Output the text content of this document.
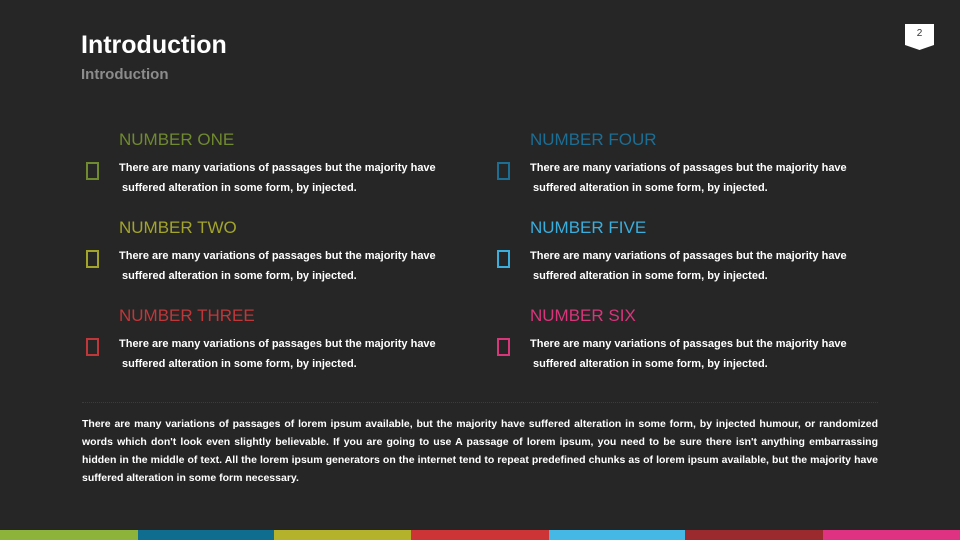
Introduction
Introduction
2
NUMBER ONE
There are many variations of passages but the majority have
suffered alteration in some form, by injected.
NUMBER TWO
There are many variations of passages but the majority have
suffered alteration in some form, by injected.
NUMBER THREE
There are many variations of passages but the majority have
suffered alteration in some form, by injected.
NUMBER FOUR
There are many variations of passages but the majority have
suffered alteration in some form, by injected.
NUMBER FIVE
There are many variations of passages but the majority have
suffered alteration in some form, by injected.
NUMBER SIX
There are many variations of passages but the majority have
suffered alteration in some form, by injected.
There are many variations of passages of lorem ipsum available, but the majority have suffered alteration in some form, by injected humour, or randomized words which don't look even slightly believable. If you are going to use A passage of lorem ipsum, you need to be sure there isn't anything embarrassing hidden in the middle of text. All the lorem ipsum generators on the internet tend to repeat predefined chunks as of lorem ipsum available, but the majority have suffered alteration in some form necessary.
